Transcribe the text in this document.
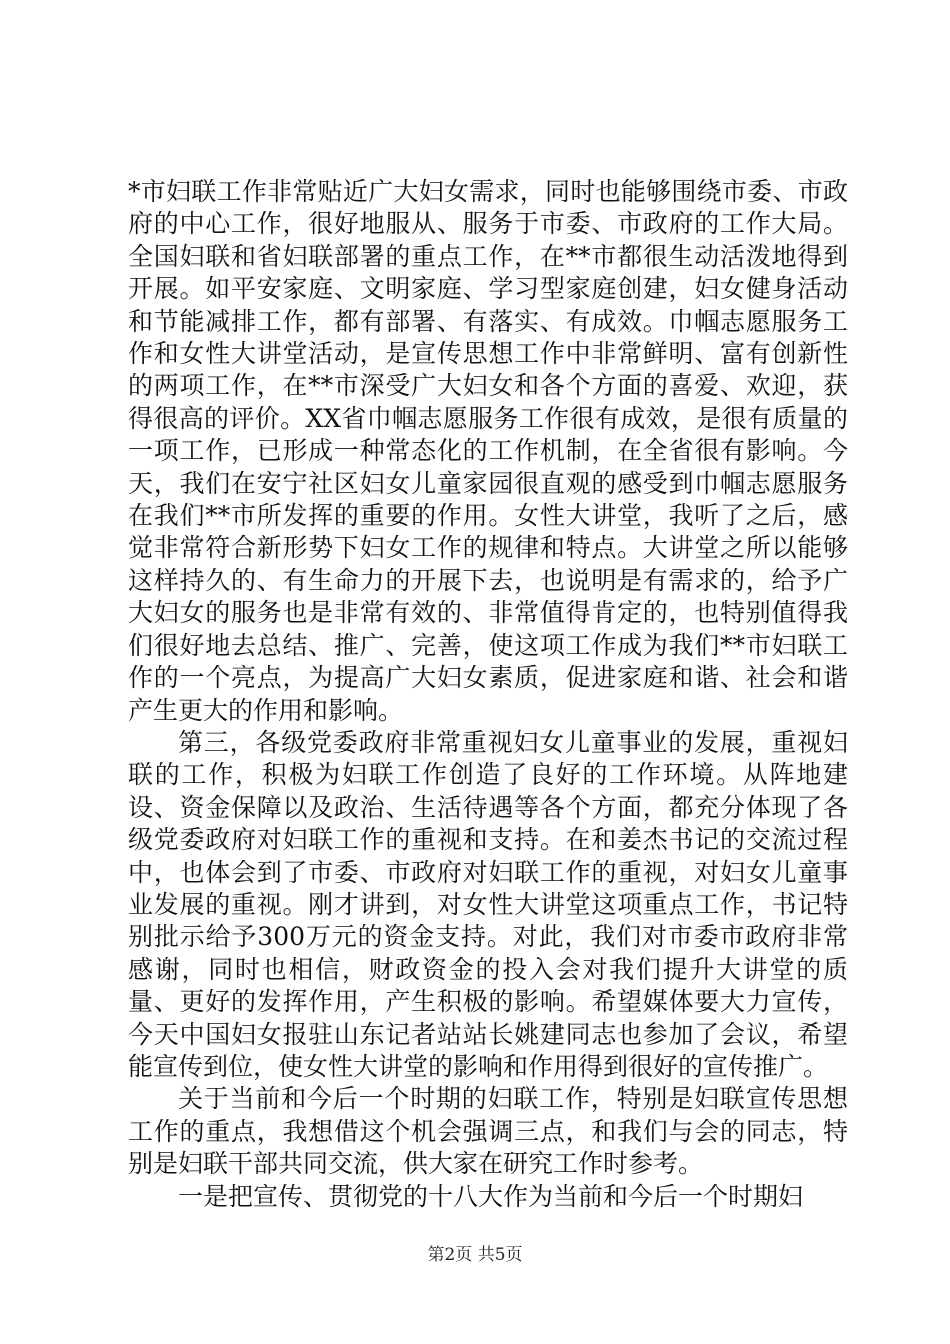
*市妇联工作非常贴近广大妇女需求，同时也能够围绕市委、市政府的中心工作，很好地服从、服务于市委、市政府的工作大局。全国妇联和省妇联部署的重点工作，在**市都很生动活泼地得到开展。如平安家庭、文明家庭、学习型家庭创建，妇女健身活动和节能减排工作，都有部署、有落实、有成效。巾帼志愿服务工作和女性大讲堂活动，是宣传思想工作中非常鲜明、富有创新性的两项工作，在**市深受广大妇女和各个方面的喜爱、欢迎，获得很高的评价。XX省巾帼志愿服务工作很有成效，是很有质量的一项工作，已形成一种常态化的工作机制，在全省很有影响。今天，我们在安宁社区妇女儿童家园很直观的感受到巾帼志愿服务在我们**市所发挥的重要的作用。女性大讲堂，我听了之后，感觉非常符合新形势下妇女工作的规律和特点。大讲堂之所以能够这样持久的、有生命力的开展下去，也说明是有需求的，给予广大妇女的服务也是非常有效的、非常值得肯定的，也特别值得我们很好地去总结、推广、完善，使这项工作成为我们**市妇联工作的一个亮点，为提高广大妇女素质，促进家庭和谐、社会和谐产生更大的作用和影响。

第三，各级党委政府非常重视妇女儿童事业的发展，重视妇联的工作，积极为妇联工作创造了良好的工作环境。从阵地建设、资金保障以及政治、生活待遇等各个方面，都充分体现了各级党委政府对妇联工作的重视和支持。在和姜杰书记的交流过程中，也体会到了市委、市政府对妇联工作的重视，对妇女儿童事业发展的重视。刚才讲到，对女性大讲堂这项重点工作，书记特别批示给予300万元的资金支持。对此，我们对市委市政府非常感谢，同时也相信，财政资金的投入会对我们提升大讲堂的质量、更好的发挥作用，产生积极的影响。希望媒体要大力宣传，今天中国妇女报驻山东记者站站长姚建同志也参加了会议，希望能宣传到位，使女性大讲堂的影响和作用得到很好的宣传推广。

关于当前和今后一个时期的妇联工作，特别是妇联宣传思想工作的重点，我想借这个机会强调三点，和我们与会的同志，特别是妇联干部共同交流，供大家在研究工作时参考。

一是把宣传、贯彻党的十八大作为当前和今后一个时期妇

第2页 共5页
